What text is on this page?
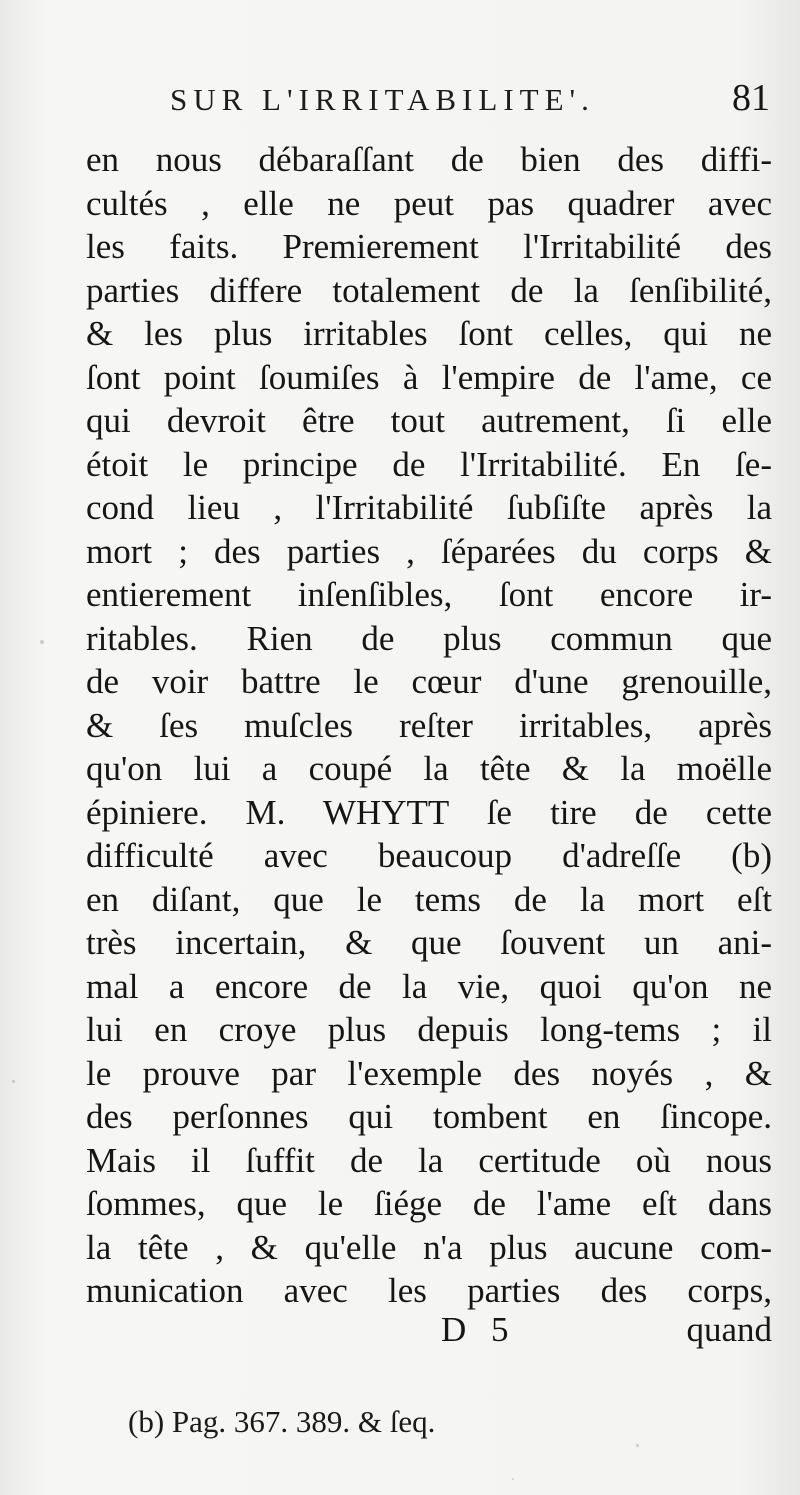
SUR L'IRRITABILITE'.	81
en nous débaraſſant de bien des diffi-
cultés , elle ne peut pas quadrer avec
les faits. Premierement l'Irritabilité des
parties differe totalement de la ſenſibilité,
& les plus irritables ſont celles, qui ne
ſont point ſoumiſes à l'empire de l'ame, ce
qui devroit être tout autrement, ſi elle
étoit le principe de l'Irritabilité. En ſe-
cond lieu , l'Irritabilité ſubſiſte après la
mort ; des parties , ſéparées du corps &
entierement inſenſibles, ſont encore ir-
ritables. Rien de plus commun que
de voir battre le cœur d'une grenouille,
& ſes muſcles reſter irritables, après
qu'on lui a coupé la tête & la moëlle
épiniere. M. WHYTT ſe tire de cette
difficulté avec beaucoup d'adreſſe (b)
en diſant, que le tems de la mort eſt
très incertain, & que ſouvent un ani-
mal a encore de la vie, quoi qu'on ne
lui en croye plus depuis long-tems ; il
le prouve par l'exemple des noyés , &
des perſonnes qui tombent en ſincope.
Mais il ſuffit de la certitude où nous
ſommes, que le ſiége de l'ame eſt dans
la tête , & qu'elle n'a plus aucune com-
munication avec les parties des corps,
D 5	quand
(b) Pag. 367. 389. & ſeq.
